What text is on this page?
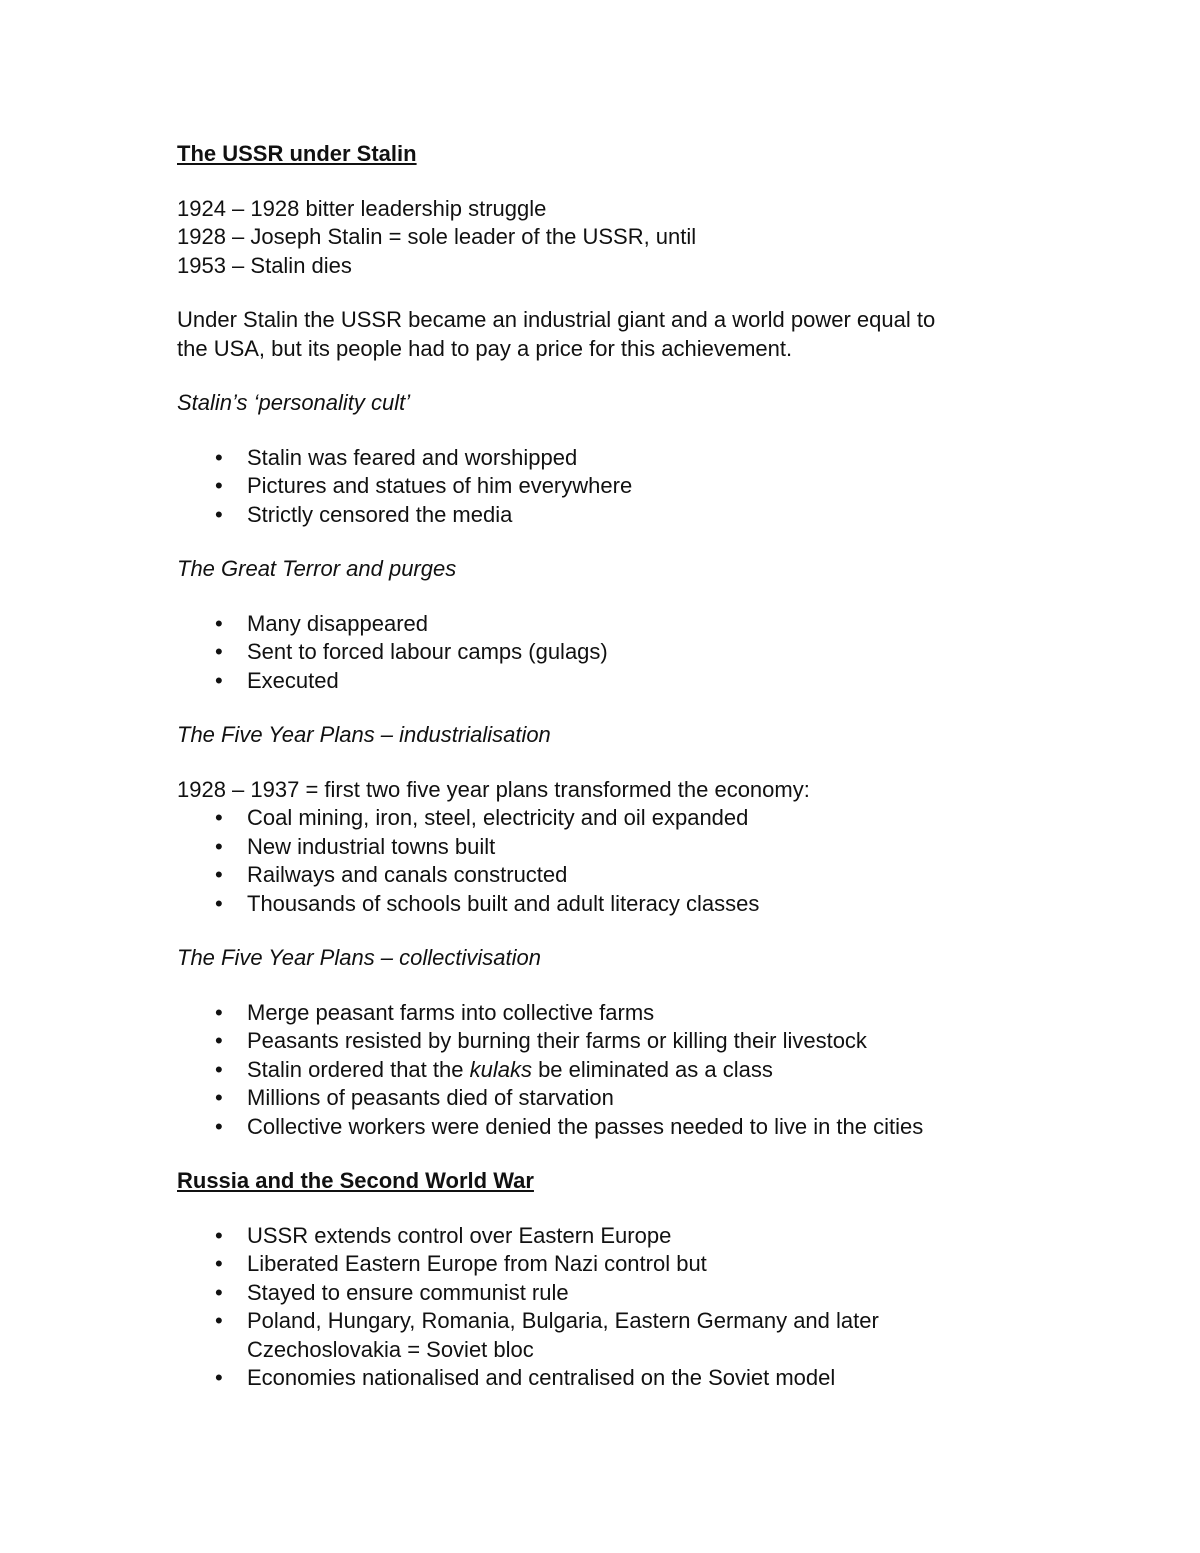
The USSR under Stalin

1924 – 1928 bitter leadership struggle

1928 – Joseph Stalin = sole leader of the USSR, until

1953 – Stalin dies

Under Stalin the USSR became an industrial giant and a world power equal to

the USA, but its people had to pay a price for this achievement.

Stalin’s ‘personality cult’

• Stalin was feared and worshipped
• Pictures and statues of him everywhere
• Strictly censored the media

The Great Terror and purges

• Many disappeared
• Sent to forced labour camps (gulags)
• Executed

The Five Year Plans – industrialisation

1928 – 1937 = first two five year plans transformed the economy:

• Coal mining, iron, steel, electricity and oil expanded
• New industrial towns built
• Railways and canals constructed
• Thousands of schools built and adult literacy classes

The Five Year Plans – collectivisation

• Merge peasant farms into collective farms
• Peasants resisted by burning their farms or killing their livestock
• Stalin ordered that the kulaks be eliminated as a class
• Millions of peasants died of starvation
• Collective workers were denied the passes needed to live in the cities

Russia and the Second World War

• USSR extends control over Eastern Europe
• Liberated Eastern Europe from Nazi control but
• Stayed to ensure communist rule
• Poland, Hungary, Romania, Bulgaria, Eastern Germany and later
Czechoslovakia = Soviet bloc
• Economies nationalised and centralised on the Soviet model
